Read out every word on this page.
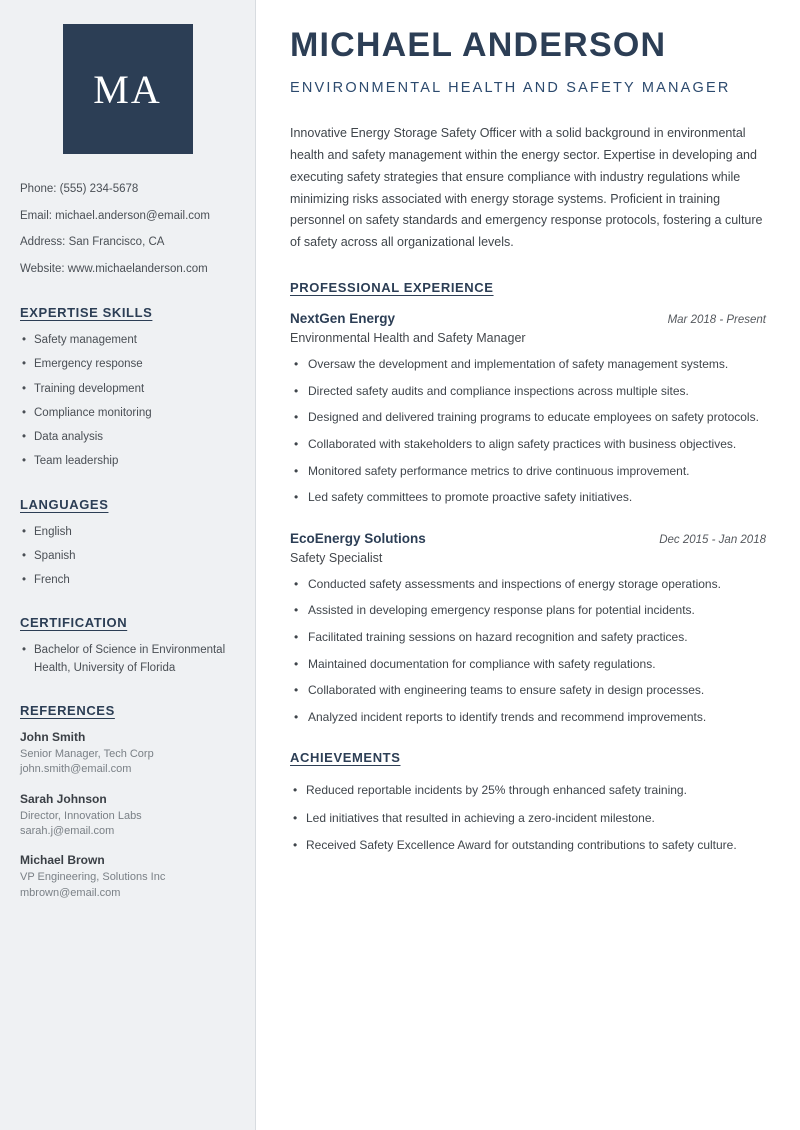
MA
Phone: (555) 234-5678
Email: michael.anderson@email.com
Address: San Francisco, CA
Website: www.michaelanderson.com
EXPERTISE SKILLS
• Safety management
• Emergency response
• Training development
• Compliance monitoring
• Data analysis
• Team leadership
LANGUAGES
• English
• Spanish
• French
CERTIFICATION
• Bachelor of Science in Environmental Health, University of Florida
REFERENCES
John Smith
Senior Manager, Tech Corp
john.smith@email.com
Sarah Johnson
Director, Innovation Labs
sarah.j@email.com
Michael Brown
VP Engineering, Solutions Inc
mbrown@email.com
MICHAEL ANDERSON
ENVIRONMENTAL HEALTH AND SAFETY MANAGER

Innovative Energy Storage Safety Officer with a solid background in environmental health and safety management within the energy sector. Expertise in developing and executing safety strategies that ensure compliance with industry regulations while minimizing risks associated with energy storage systems. Proficient in training personnel on safety standards and emergency response protocols, fostering a culture of safety across all organizational levels.

PROFESSIONAL EXPERIENCE
NextGen Energy	Mar 2018 - Present
Environmental Health and Safety Manager
• Oversaw the development and implementation of safety management systems.
• Directed safety audits and compliance inspections across multiple sites.
• Designed and delivered training programs to educate employees on safety protocols.
• Collaborated with stakeholders to align safety practices with business objectives.
• Monitored safety performance metrics to drive continuous improvement.
• Led safety committees to promote proactive safety initiatives.
EcoEnergy Solutions	Dec 2015 - Jan 2018
Safety Specialist
• Conducted safety assessments and inspections of energy storage operations.
• Assisted in developing emergency response plans for potential incidents.
• Facilitated training sessions on hazard recognition and safety practices.
• Maintained documentation for compliance with safety regulations.
• Collaborated with engineering teams to ensure safety in design processes.
• Analyzed incident reports to identify trends and recommend improvements.
ACHIEVEMENTS
• Reduced reportable incidents by 25% through enhanced safety training.
• Led initiatives that resulted in achieving a zero-incident milestone.
• Received Safety Excellence Award for outstanding contributions to safety culture.
